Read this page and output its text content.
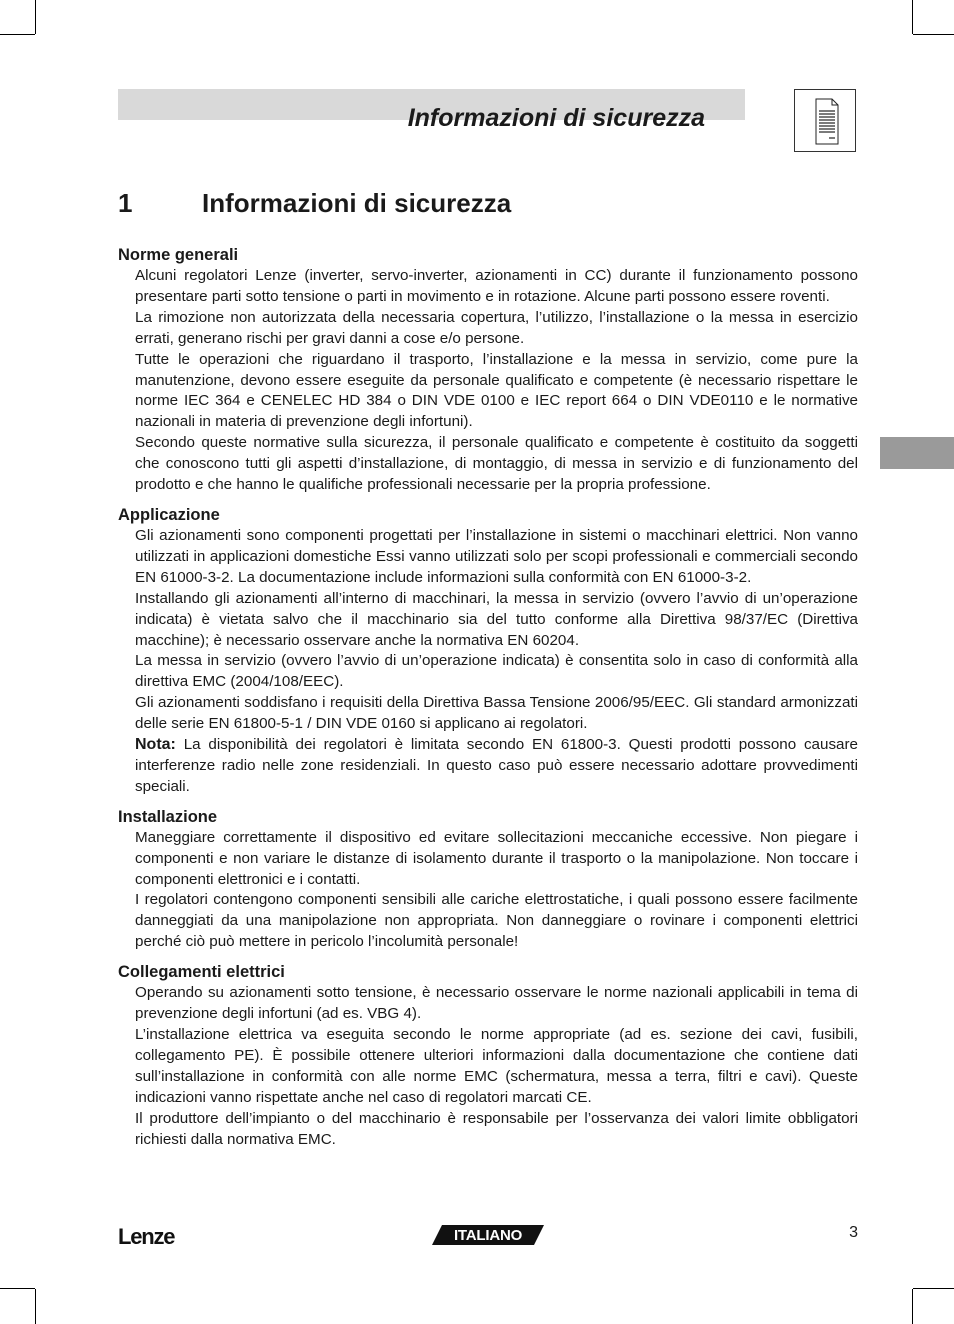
Informazioni di sicurezza
1	Informazioni di sicurezza

Norme generali

Alcuni regolatori Lenze (inverter, servo-inverter, azionamenti in CC) durante il funzionamento possono presentare parti sotto tensione o parti in movimento e in rotazione. Alcune parti possono essere roventi.

La rimozione non autorizzata della necessaria copertura, l’utilizzo, l’installazione o la messa in esercizio errati, generano rischi per gravi danni a cose e/o persone.

Tutte le operazioni che riguardano il trasporto, l’installazione e la messa in servizio, come pure la manutenzione, devono essere eseguite da personale qualificato e competente (è necessario rispettare le norme IEC 364 e CENELEC HD 384 o DIN VDE 0100 e IEC report 664 o DIN VDE0110 e le normative nazionali in materia di prevenzione degli infortuni).

Secondo queste normative sulla sicurezza, il personale qualificato e competente è costituito da soggetti che conoscono tutti gli aspetti d’installazione, di montaggio, di messa in servizio e di funzionamento del prodotto e che hanno le qualifiche professionali necessarie per la propria professione.

Applicazione

Gli azionamenti sono componenti progettati per l’installazione in sistemi o macchinari elettrici. Non vanno utilizzati in applicazioni domestiche Essi vanno utilizzati solo per scopi professionali e commerciali secondo EN 61000-3-2. La documentazione include informazioni sulla conformità con EN 61000-3-2.

Installando gli azionamenti all’interno di macchinari, la messa in servizio (ovvero l’avvio di un’operazione indicata) è vietata salvo che il macchinario sia del tutto conforme alla Direttiva 98/37/EC (Direttiva macchine); è necessario osservare anche la normativa EN 60204.

La messa in servizio (ovvero l’avvio di un’operazione indicata) è consentita solo in caso di conformità alla direttiva EMC (2004/108/EEC).

Gli azionamenti soddisfano i requisiti della Direttiva Bassa Tensione 2006/95/EEC. Gli standard armonizzati delle serie EN 61800-5-1 / DIN VDE 0160 si applicano ai regolatori.

Nota: La disponibilità dei regolatori è limitata secondo EN 61800-3. Questi prodotti possono causare interferenze radio nelle zone residenziali. In questo caso può essere necessario adottare provvedimenti speciali.

Installazione

Maneggiare correttamente il dispositivo ed evitare sollecitazioni meccaniche eccessive. Non piegare i componenti e non variare le distanze di isolamento durante il trasporto o la manipolazione. Non toccare i componenti elettronici e i contatti.

I regolatori contengono componenti sensibili alle cariche elettrostatiche, i quali possono essere facilmente danneggiati da una manipolazione non appropriata. Non danneggiare o rovinare i componenti elettrici perché ciò può mettere in pericolo l’incolumità personale!

Collegamenti elettrici

Operando su azionamenti sotto tensione, è necessario osservare le norme nazionali applicabili in tema di prevenzione degli infortuni (ad es. VBG 4).

L’installazione elettrica va eseguita secondo le norme appropriate (ad es. sezione dei cavi, fusibili, collegamento PE). È possibile ottenere ulteriori informazioni dalla documentazione che contiene dati sull’installazione in conformità con alle norme EMC (schermatura, messa a terra, filtri e cavi). Queste indicazioni vanno rispettate anche nel caso di regolatori marcati CE.

Il produttore dell’impianto o del macchinario è responsabile per l’osservanza dei valori limite obbligatori richiesti dalla normativa EMC.

Lenze	ITALIANO	3
